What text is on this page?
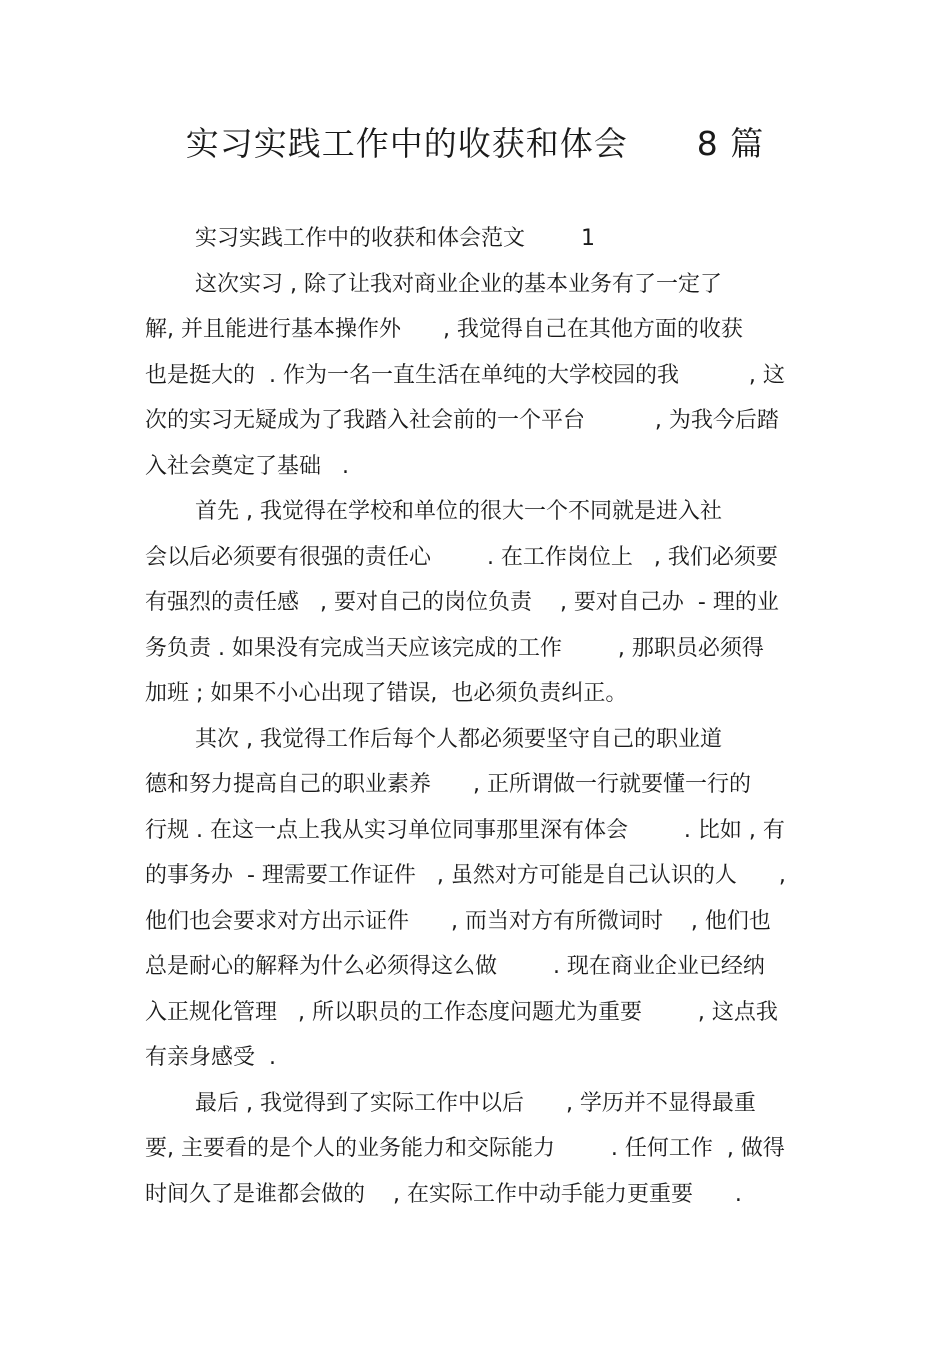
实习实践工作中的收获和体会      8 篇
实习实践工作中的收获和体会范文        1
这次实习 , 除了让我对商业企业的基本业务有了一定了
解, 并且能进行基本操作外      , 我觉得自己在其他方面的收获
也是挺大的  . 作为一名一直生活在单纯的大学校园的我          , 这
次的实习无疑成为了我踏入社会前的一个平台          , 为我今后踏
入社会奠定了基础   .
首先 , 我觉得在学校和单位的很大一个不同就是进入社
会以后必须要有很强的责任心        . 在工作岗位上   , 我们必须要
有强烈的责任感   , 要对自己的岗位负责    , 要对自己办  - 理的业
务负责 . 如果没有完成当天应该完成的工作        , 那职员必须得
加班 ; 如果不小心出现了错误,  也必须负责纠正。
其次 , 我觉得工作后每个人都必须要坚守自己的职业道
德和努力提高自己的职业素养      , 正所谓做一行就要懂一行的
行规 . 在这一点上我从实习单位同事那里深有体会        . 比如 , 有
的事务办  - 理需要工作证件   , 虽然对方可能是自己认识的人      ,
他们也会要求对方出示证件      , 而当对方有所微词时    , 他们也
总是耐心的解释为什么必须得这么做        . 现在商业企业已经纳
入正规化管理   , 所以职员的工作态度问题尤为重要        , 这点我
有亲身感受  .
最后 , 我觉得到了实际工作中以后      , 学历并不显得最重
要, 主要看的是个人的业务能力和交际能力        . 任何工作  , 做得
时间久了是谁都会做的    , 在实际工作中动手能力更重要      .
